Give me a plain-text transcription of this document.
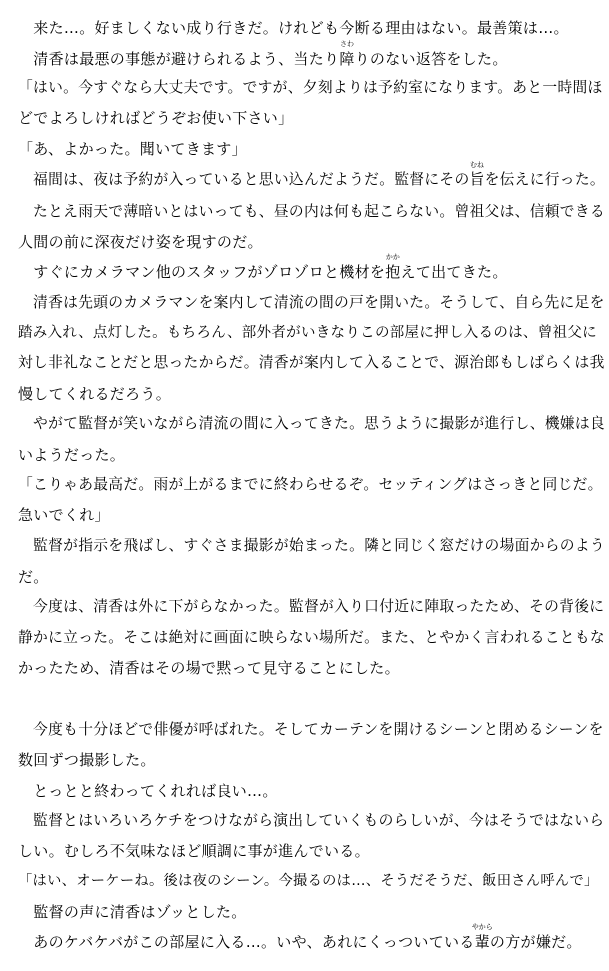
　来た…。好ましくない成り行きだ。けれども今断る理由はない。最善策は…。
　清香は最悪の事態が避けられるよう、当たり障
さわ
りのない返答をした。
「はい。今すぐなら大丈夫です。ですが、夕刻よりは予約室になります。あと一時間ほ
どでよろしければどうぞお使い下さい」
「あ、よかった。聞いてきます」
　福間は、夜は予約が入っていると思い込んだようだ。監督にその旨
むね
を伝えに行った。
　たとえ雨天で薄暗いとはいっても、昼の内は何も起こらない。曾祖父は、信頼できる
人間の前に深夜だけ姿を現すのだ。
　すぐにカメラマン他のスタッフがゾロゾロと機材を抱
かか
えて出てきた。
　清香は先頭のカメラマンを案内して清流の間の戸を開いた。そうして、自ら先に足を
踏み入れ、点灯した。もちろん、部外者がいきなりこの部屋に押し入るのは、曾祖父に
対し非礼なことだと思ったからだ。清香が案内して入ることで、源治郎もしばらくは我
慢してくれるだろう。
　やがて監督が笑いながら清流の間に入ってきた。思うように撮影が進行し、機嫌は良
いようだった。
「こりゃあ最高だ。雨が上がるまでに終わらせるぞ。セッティングはさっきと同じだ。
急いでくれ」
　監督が指示を飛ばし、すぐさま撮影が始まった。隣と同じく窓だけの場面からのよう
だ。
　今度は、清香は外に下がらなかった。監督が入り口付近に陣取ったため、その背後に
静かに立った。そこは絶対に画面に映らない場所だ。また、とやかく言われることもな
かったため、清香はその場で黙って見守ることにした。
　今度も十分ほどで俳優が呼ばれた。そしてカーテンを開けるシーンと閉めるシーンを
数回ずつ撮影した。
　とっとと終わってくれれば良い…。
　監督とはいろいろケチをつけながら演出していくものらしいが、今はそうではないら
しい。むしろ不気味なほど順調に事が進んでいる。
「はい、オーケーね。後は夜のシーン。今撮るのは…、そうだそうだ、飯田さん呼んで」
　監督の声に清香はゾッとした。
　あのケバケバがこの部屋に入る…。いや、あれにくっついている輩
やから
の方が嫌だ。
